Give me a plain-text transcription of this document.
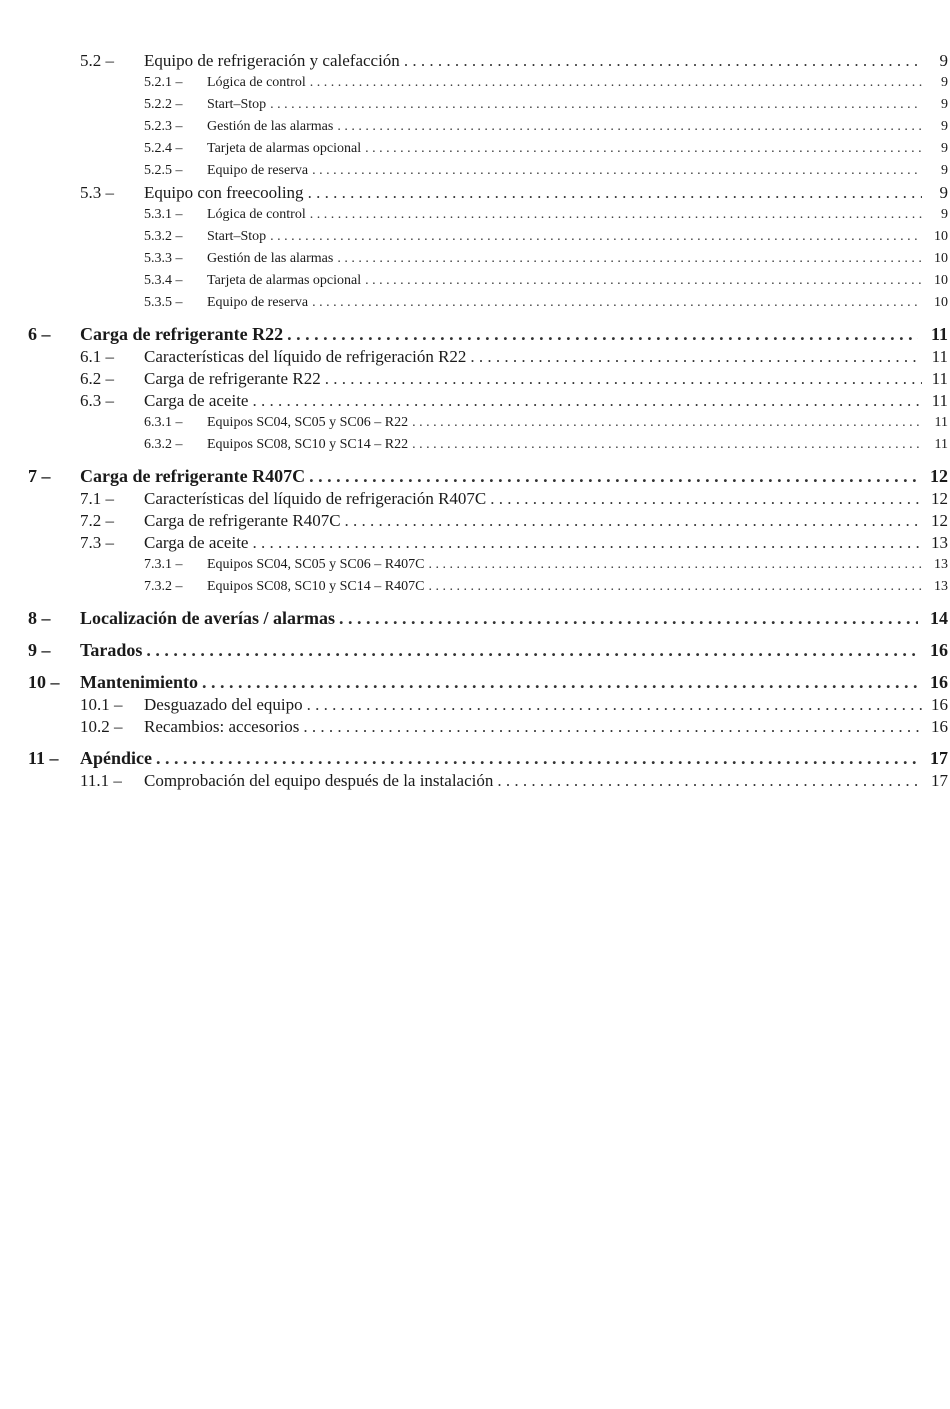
5.2 –	Equipo de refrigeración y calefacción . . .	9
5.2.1 –	Lógica de control . . .	9
5.2.2 –	Start–Stop . . .	9
5.2.3 –	Gestión de las alarmas . . .	9
5.2.4 –	Tarjeta de alarmas opcional . . .	9
5.2.5 –	Equipo de reserva . . .	9
5.3 –	Equipo con freecooling . . .	9
5.3.1 –	Lógica de control . . .	9
5.3.2 –	Start–Stop . . .	10
5.3.3 –	Gestión de las alarmas . . .	10
5.3.4 –	Tarjeta de alarmas opcional . . .	10
5.3.5 –	Equipo de reserva . . .	10
6 –	Carga de refrigerante R22 . . .	11
6.1 –	Características del líquido de refrigeración R22 . . .	11
6.2 –	Carga de refrigerante R22 . . .	11
6.3 –	Carga de aceite . . .	11
6.3.1 –	Equipos SC04, SC05 y SC06 – R22 . . .	11
6.3.2 –	Equipos SC08, SC10 y SC14 – R22 . . .	11
7 –	Carga de refrigerante R407C . . .	12
7.1 –	Características del líquido de refrigeración R407C . . .	12
7.2 –	Carga de refrigerante R407C . . .	12
7.3 –	Carga de aceite . . .	13
7.3.1 –	Equipos SC04, SC05 y SC06 – R407C . . .	13
7.3.2 –	Equipos SC08, SC10 y SC14 – R407C . . .	13
8 –	Localización de averías / alarmas . . .	14
9 –	Tarados . . .	16
10 –	Mantenimiento . . .	16
10.1 –	Desguazado del equipo . . .	16
10.2 –	Recambios: accesorios . . .	16
11 –	Apéndice . . .	17
11.1 –	Comprobación del equipo después de la instalación . . .	17
